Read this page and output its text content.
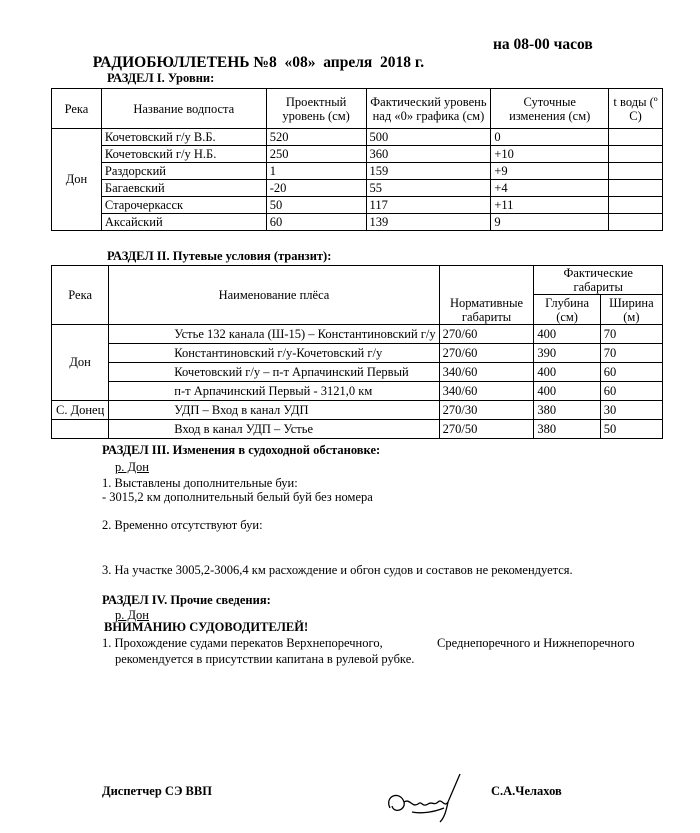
РАДИОБЮЛЛЕТЕНЬ №8  «08»  апреля  2018 г.

на 08-00 часов

РАЗДЕЛ I. Уровни:
Река	Название водпоста	Проектный уровень (см)	Фактический уровень над «0» графика (см)	Суточные изменения (см)	t воды (º С)
Дон	Кочетовский г/у В.Б.	520	500	0	
	Кочетовский г/у Н.Б.	250	360	+10	
	Раздорский	1	159	+9	
	Багаевский	-20	55	+4	
	Старочеркасск	50	117	+11	
	Аксайский	60	139	9	
РАЗДЕЛ II. Путевые условия (транзит):
Река	Наименование плёса	Нормативные габариты	Фактические габариты	
			Глубина (см)	Ширина (м)
Дон	Устье 132 канала (Ш-15) – Константиновский г/у	270/60	400	70
	Константиновский г/у-Кочетовский г/у	270/60	390	70
	Кочетовский г/у – п-т Арпачинский Первый	340/60	400	60
	п-т Арпачинский Первый - 3121,0 км	340/60	400	60
С. Донец	УДП – Вход в канал УДП	270/30	380	30
	Вход в канал УДП – Устье	270/50	380	50
РАЗДЕЛ III. Изменения в судоходной обстановке:
р. Дон
1. Выставлены дополнительные буи:
- 3015,2 км дополнительный белый буй без номера
2. Временно отсутствуют буи:
3. На участке 3005,2-3006,4 км расхождение и обгон судов и составов не рекомендуется.
РАЗДЕЛ IV. Прочие сведения:
р. Дон
ВНИМАНИЮ СУДОВОДИТЕЛЕЙ!
1. Прохождение судами перекатов Верхнепоречного,	Среднепоречного и Нижнепоречного
рекомендуется в присутствии капитана в рулевой рубке.
Диспетчер СЭ ВВП	С.А.Челахов
